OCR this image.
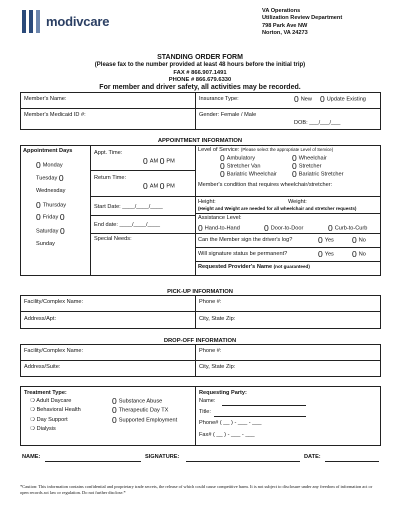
modivcare
VA Operations
Utilization Review Department
798 Park Ave NW
Norton, VA 24273
STANDING ORDER FORM
(Please fax to the number provided at least 48 hours before the initial trip)
FAX # 866.907.1491
PHONE # 866.679.6330
For member and driver safety, all activities may be recorded.
Member's Name:	Insurance Type:	0 New 0 Update Existing
Member's Medicaid ID #:	Gender: Female / Male
DOB: ___/___/___
APPOINTMENT INFORMATION
Appointment Days
0 Monday
Tuesday 0
Wednesday
0 Thursday
0 Friday 0
Saturday 0
Sunday
Appt. Time:
0 AM 0 PM
Return Time:
0 AM 0 PM
Start Date: ____/____/____
End date: ____/____/____
Special Needs:
Level of Service: (Please select the appropriate Level of Service)
0 Ambulatory	0 Wheelchair
0 Stretcher Van	0 Stretcher
0 Bariatric Wheelchair 0 Bariatric Stretcher
Member's condition that requires wheelchair/stretcher:
Height:	Weight:
(Height and Weight are needed for all wheelchair and stretcher requests)
Assistance Level:
0 Hand-to-Hand	0 Door-to-Door	0 Curb-to-Curb
Can the Member sign the driver's log?	0 Yes 0 No
Will signature status be permanent?	0 Yes 0 No
Requested Provider's Name (not guaranteed)
PICK-UP INFORMATION
Facility/Complex Name:	Phone #:
Address/Apt:	City, State Zip:
DROP-OFF INFORMATION
Facility/Complex Name:	Phone #:
Address/Suite:	City, State Zip:
Treatment Type:
❍ Adult Daycare
❍ Behavioral Health
❍ Day Support
❍ Dialysis
0 Substance Abuse
0 Therapeutic Day TX
0 Supported Employment
Requesting Party:
Name:
Title:
Phone# ( __ ) - ___ - ___
Fax# ( __ ) - ___ - ___
NAME:	SIGNATURE:	DATE:
*Caution: This information contains confidential and proprietary trade secrets, the release of which could cause competitive harm. It is not subject to disclosure under any freedom of information act or open records act law or regulation. Do not further disclose.*
